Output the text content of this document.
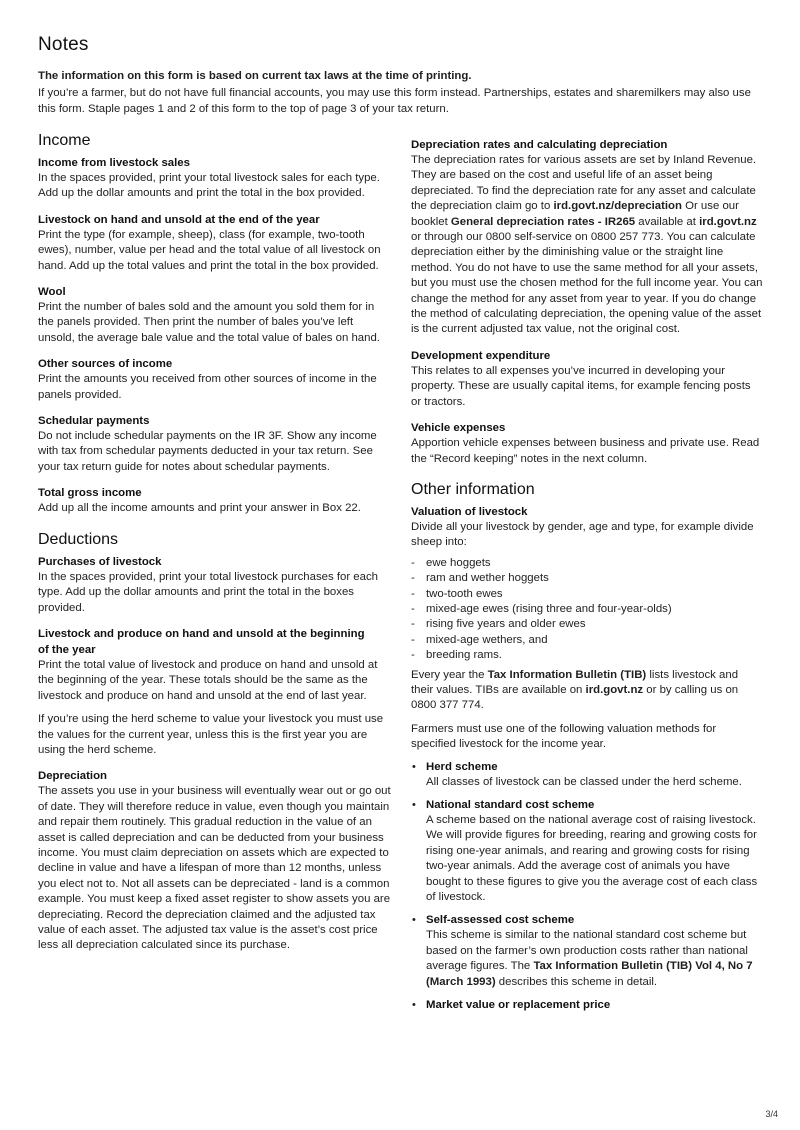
Notes

The information on this form is based on current tax laws at the time of printing.

If you’re a farmer, but do not have full financial accounts, you may use this form instead. Partnerships, estates and sharemilkers may also use this form. Staple pages 1 and 2 of this form to the top of page 3 of your tax return.

Income
Income from livestock sales

In the spaces provided, print your total livestock sales for each type. Add up the dollar amounts and print the total in the box provided.

Livestock on hand and unsold at the end of the year

Print the type (for example, sheep), class (for example, two-tooth ewes), number, value per head and the total value of all livestock on hand. Add up the total values and print the total in the box provided.

Wool

Print the number of bales sold and the amount you sold them for in the panels provided. Then print the number of bales you’ve left unsold, the average bale value and the total value of bales on hand.

Other sources of income

Print the amounts you received from other sources of income in the panels provided.

Schedular payments

Do not include schedular payments on the IR 3F. Show any income with tax from schedular payments deducted in your tax return. See your tax return guide for notes about schedular payments.

Total gross income

Add up all the income amounts and print your answer in Box 22.

Deductions
Purchases of livestock

In the spaces provided, print your total livestock purchases for each type. Add up the dollar amounts and print the total in the boxes provided.

Livestock and produce on hand and unsold at the beginning of the year

Print the total value of livestock and produce on hand and unsold at the beginning of the year. These totals should be the same as the livestock and produce on hand and unsold at the end of last year.

If you’re using the herd scheme to value your livestock you must use the values for the current year, unless this is the first year you are using the herd scheme.

Depreciation

The assets you use in your business will eventually wear out or go out of date. They will therefore reduce in value, even though you maintain and repair them routinely. This gradual reduction in the value of an asset is called depreciation and can be deducted from your business income. You must claim depreciation on assets which are expected to decline in value and have a lifespan of more than 12 months, unless you elect not to. Not all assets can be depreciated - land is a common example. You must keep a fixed asset register to show assets you are depreciating. Record the depreciation claimed and the adjusted tax value of each asset. The adjusted tax value is the asset’s cost price less all depreciation calculated since its purchase.

Depreciation rates and calculating depreciation

The depreciation rates for various assets are set by Inland Revenue. They are based on the cost and useful life of an asset being depreciated. To find the depreciation rate for any asset and calculate the depreciation claim go to ird.govt.nz/depreciation Or use our booklet General depreciation rates - IR265 available at ird.govt.nz or through our 0800 self-service on 0800 257 773. You can calculate depreciation either by the diminishing value or the straight line method. You do not have to use the same method for all your assets, but you must use the chosen method for the full income year. You can change the method for any asset from year to year. If you do change the method of calculating depreciation, the opening value of the asset is the current adjusted tax value, not the original cost.

Development expenditure

This relates to all expenses you’ve incurred in developing your property. These are usually capital items, for example fencing posts or tractors.

Vehicle expenses

Apportion vehicle expenses between business and private use. Read the “Record keeping” notes in the next column.

Other information
Valuation of livestock

Divide all your livestock by gender, age and type, for example divide sheep into:

- ewe hoggets
- ram and wether hoggets
- two-tooth ewes
- mixed-age ewes (rising three and four-year-olds)
- rising five years and older ewes
- mixed-age wethers, and
- breeding rams.

Every year the Tax Information Bulletin (TIB) lists livestock and their values. TIBs are available on ird.govt.nz or by calling us on 0800 377 774.

Farmers must use one of the following valuation methods for specified livestock for the income year.

• Herd scheme

All classes of livestock can be classed under the herd scheme.

• National standard cost scheme

A scheme based on the national average cost of raising livestock. We will provide figures for breeding, rearing and growing costs for rising one-year animals, and rearing and growing costs for rising two-year animals. Add the average cost of animals you have bought to these figures to give you the average cost of each class of livestock.

• Self-assessed cost scheme

This scheme is similar to the national standard cost scheme but based on the farmer’s own production costs rather than national average figures. The Tax Information Bulletin (TIB) Vol 4, No 7 (March 1993) describes this scheme in detail.

• Market value or replacement price
3/4
